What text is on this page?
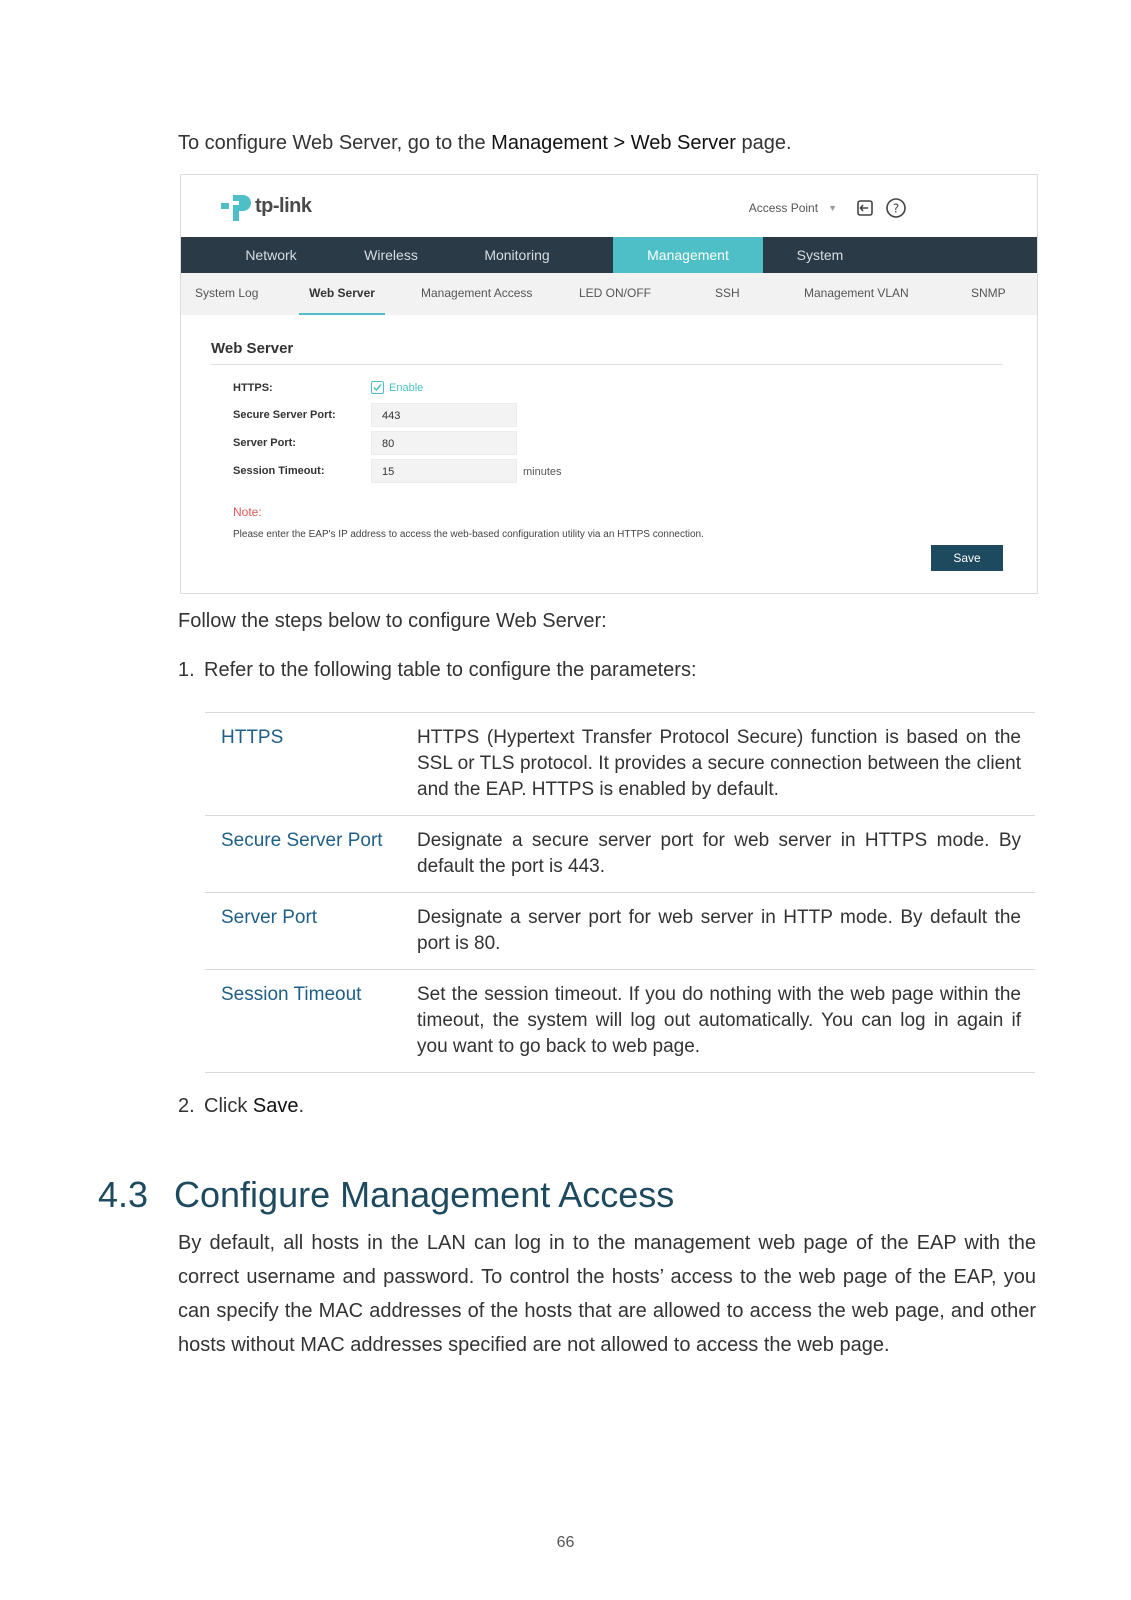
To configure Web Server, go to the Management > Web Server page.
tp-link	Access Point ▼	?
Network	Wireless	Monitoring	Management	System
System Log	Web Server	Management Access	LED ON/OFF	SSH	Management VLAN	SNMP
Web Server
HTTPS:	Enable
Secure Server Port:	443
Server Port:	80
Session Timeout:	15	minutes
Note:
Please enter the EAP's IP address to access the web-based configuration utility via an HTTPS connection.
Save
Follow the steps below to configure Web Server:
1. Refer to the following table to configure the parameters:
HTTPS	HTTPS (Hypertext Transfer Protocol Secure) function is based on the SSL or TLS protocol. It provides a secure connection between the client and the EAP. HTTPS is enabled by default.
Secure Server Port	Designate a secure server port for web server in HTTPS mode. By default the port is 443.
Server Port	Designate a server port for web server in HTTP mode. By default the port is 80.
Session Timeout	Set the session timeout. If you do nothing with the web page within the timeout, the system will log out automatically. You can log in again if you want to go back to web page.
2. Click Save.
4.3 Configure Management Access
By default, all hosts in the LAN can log in to the management web page of the EAP with the correct username and password. To control the hosts’ access to the web page of the EAP, you can specify the MAC addresses of the hosts that are allowed to access the web page, and other hosts without MAC addresses specified are not allowed to access the web page.
66
